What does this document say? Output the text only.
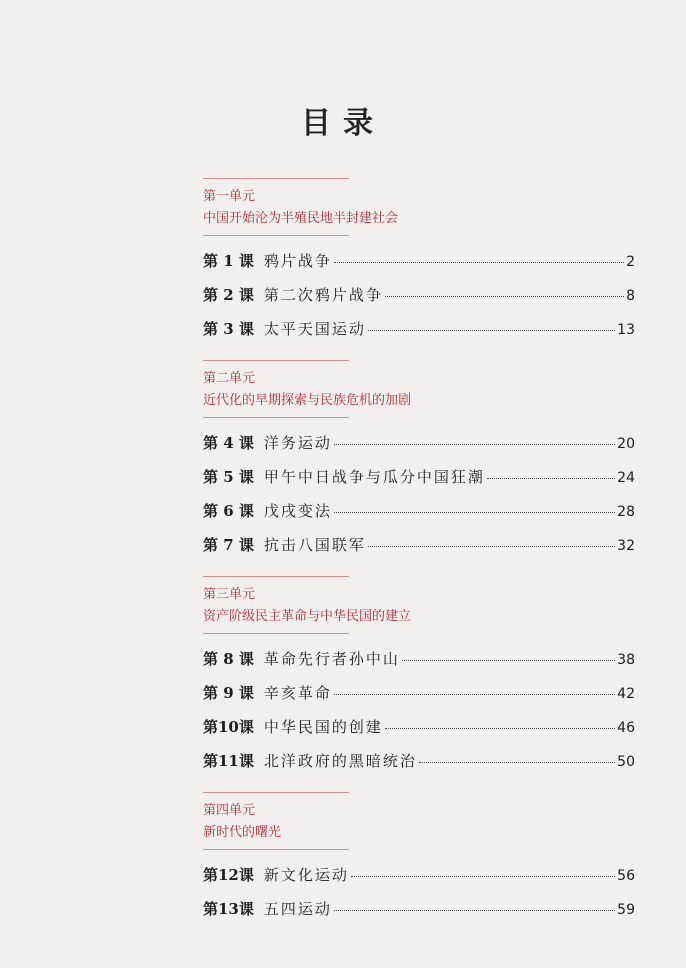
目录
第一单元
中国开始沦为半殖民地半封建社会
第 1 课 鸦片战争	2
第 2 课 第二次鸦片战争	8
第 3 课 太平天国运动	13
第二单元
近代化的早期探索与民族危机的加剧
第 4 课 洋务运动	20
第 5 课 甲午中日战争与瓜分中国狂潮	24
第 6 课 戊戌变法	28
第 7 课 抗击八国联军	32
第三单元
资产阶级民主革命与中华民国的建立
第 8 课 革命先行者孙中山	38
第 9 课 辛亥革命	42
第10课 中华民国的创建	46
第11课 北洋政府的黑暗统治	50
第四单元
新时代的曙光
第12课 新文化运动	56
第13课 五四运动	59
